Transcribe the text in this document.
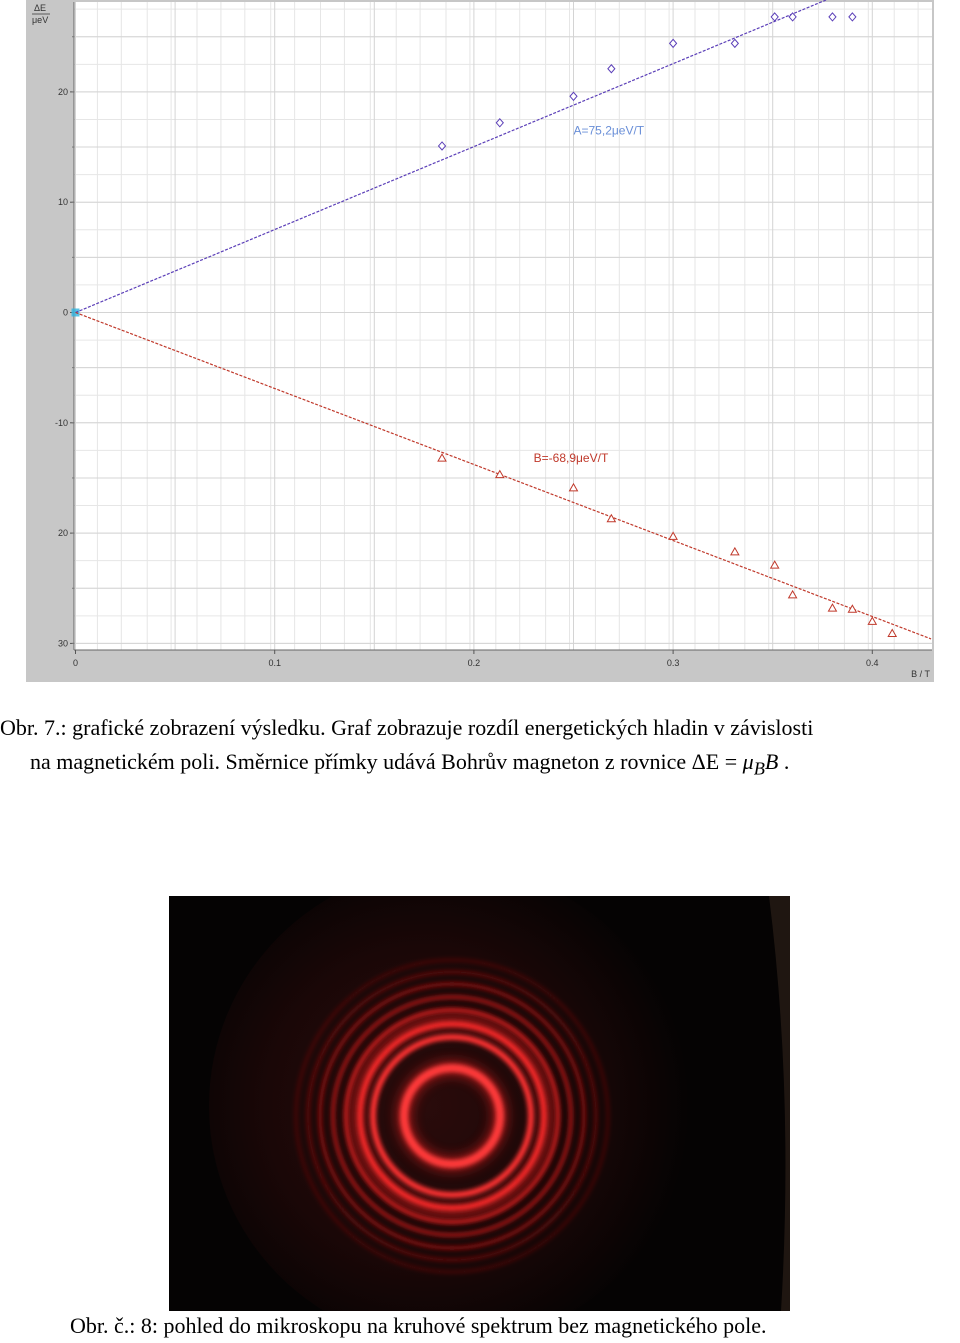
20
10
0
-10
20
30
0	0.1	0.2	0.3	0.4
ΔE
μeV
B / T
A=75,2μeV/T
B=-68,9μeV/T
Obr. 7.: grafické zobrazení výsledku. Graf zobrazuje rozdíl energetických hladin v závislosti
na magnetickém poli. Směrnice přímky udává Bohrův magneton z rovnice $\Delta E = \mu_BB$ .
Obr. č.: 8: pohled do mikroskopu na kruhové spektrum bez magnetického pole.
